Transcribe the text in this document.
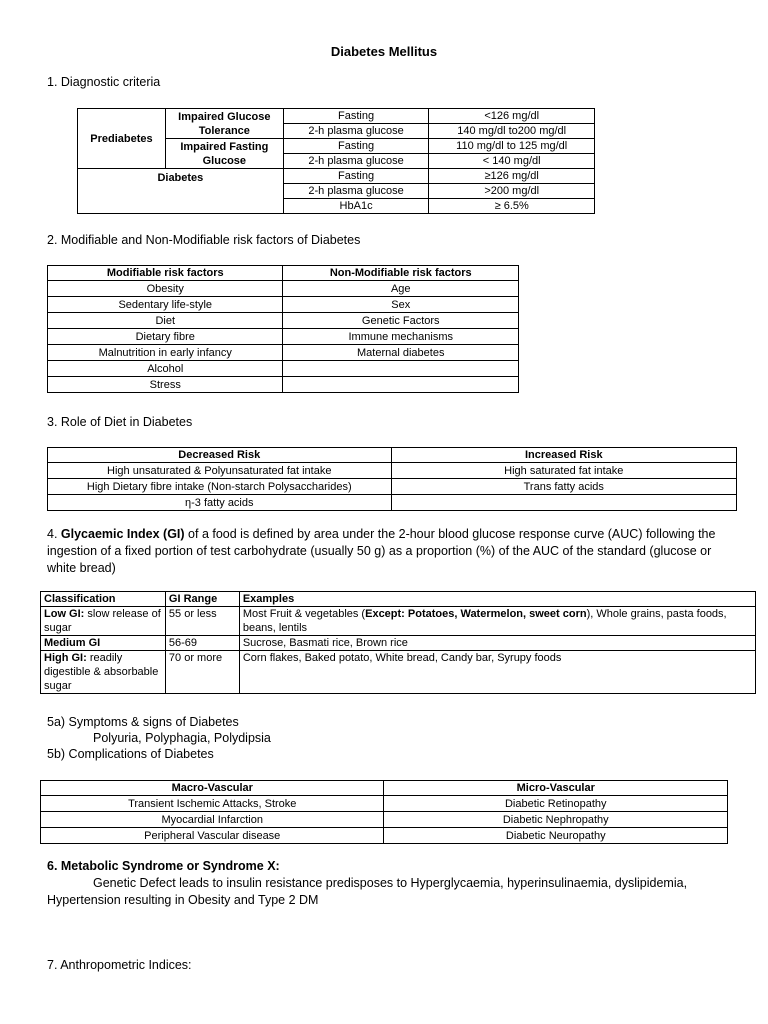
Diabetes Mellitus
1. Diagnostic criteria
Prediabetes	Impaired Glucose Tolerance	Fasting	<126 mg/dl
		2-h plasma glucose	140 mg/dl to200 mg/dl
	Impaired Fasting Glucose	Fasting	110 mg/dl to 125 mg/dl
		2-h plasma glucose	< 140 mg/dl
Diabetes		Fasting	≥126 mg/dl
		2-h plasma glucose	>200 mg/dl
		HbA1c	≥ 6.5%
2. Modifiable and Non-Modifiable risk factors of Diabetes
Modifiable risk factors	Non-Modifiable risk factors
Obesity	Age
Sedentary life-style	Sex
Diet	Genetic Factors
Dietary fibre	Immune mechanisms
Malnutrition in early infancy	Maternal diabetes
Alcohol	
Stress	
3. Role of Diet in Diabetes
Decreased Risk	Increased Risk
High unsaturated & Polyunsaturated fat intake	High saturated fat intake
High Dietary fibre intake (Non-starch Polysaccharides)	Trans fatty acids
η-3 fatty acids	
4. Glycaemic Index (GI) of a food is defined by area under the 2-hour blood glucose response curve (AUC) following the ingestion of a fixed portion of test carbohydrate (usually 50 g) as a proportion (%) of the AUC of the standard (glucose or white bread)
Classification	GI Range	Examples
Low GI: slow release of sugar	55 or less	Most Fruit & vegetables (Except: Potatoes, Watermelon, sweet corn), Whole grains, pasta foods, beans, lentils
Medium GI	56-69	Sucrose, Basmati rice, Brown rice
High GI: readily digestible & absorbable sugar	70 or more	Corn flakes, Baked potato, White bread, Candy bar, Syrupy foods
5a) Symptoms & signs of Diabetes
Polyuria, Polyphagia, Polydipsia
5b) Complications of Diabetes
Macro-Vascular	Micro-Vascular
Transient Ischemic Attacks, Stroke	Diabetic Retinopathy
Myocardial Infarction	Diabetic Nephropathy
Peripheral Vascular disease	Diabetic Neuropathy
6. Metabolic Syndrome or Syndrome X:
Genetic Defect leads to insulin resistance predisposes to Hyperglycaemia, hyperinsulinaemia, dyslipidemia, Hypertension resulting in Obesity and Type 2 DM
7. Anthropometric Indices:
